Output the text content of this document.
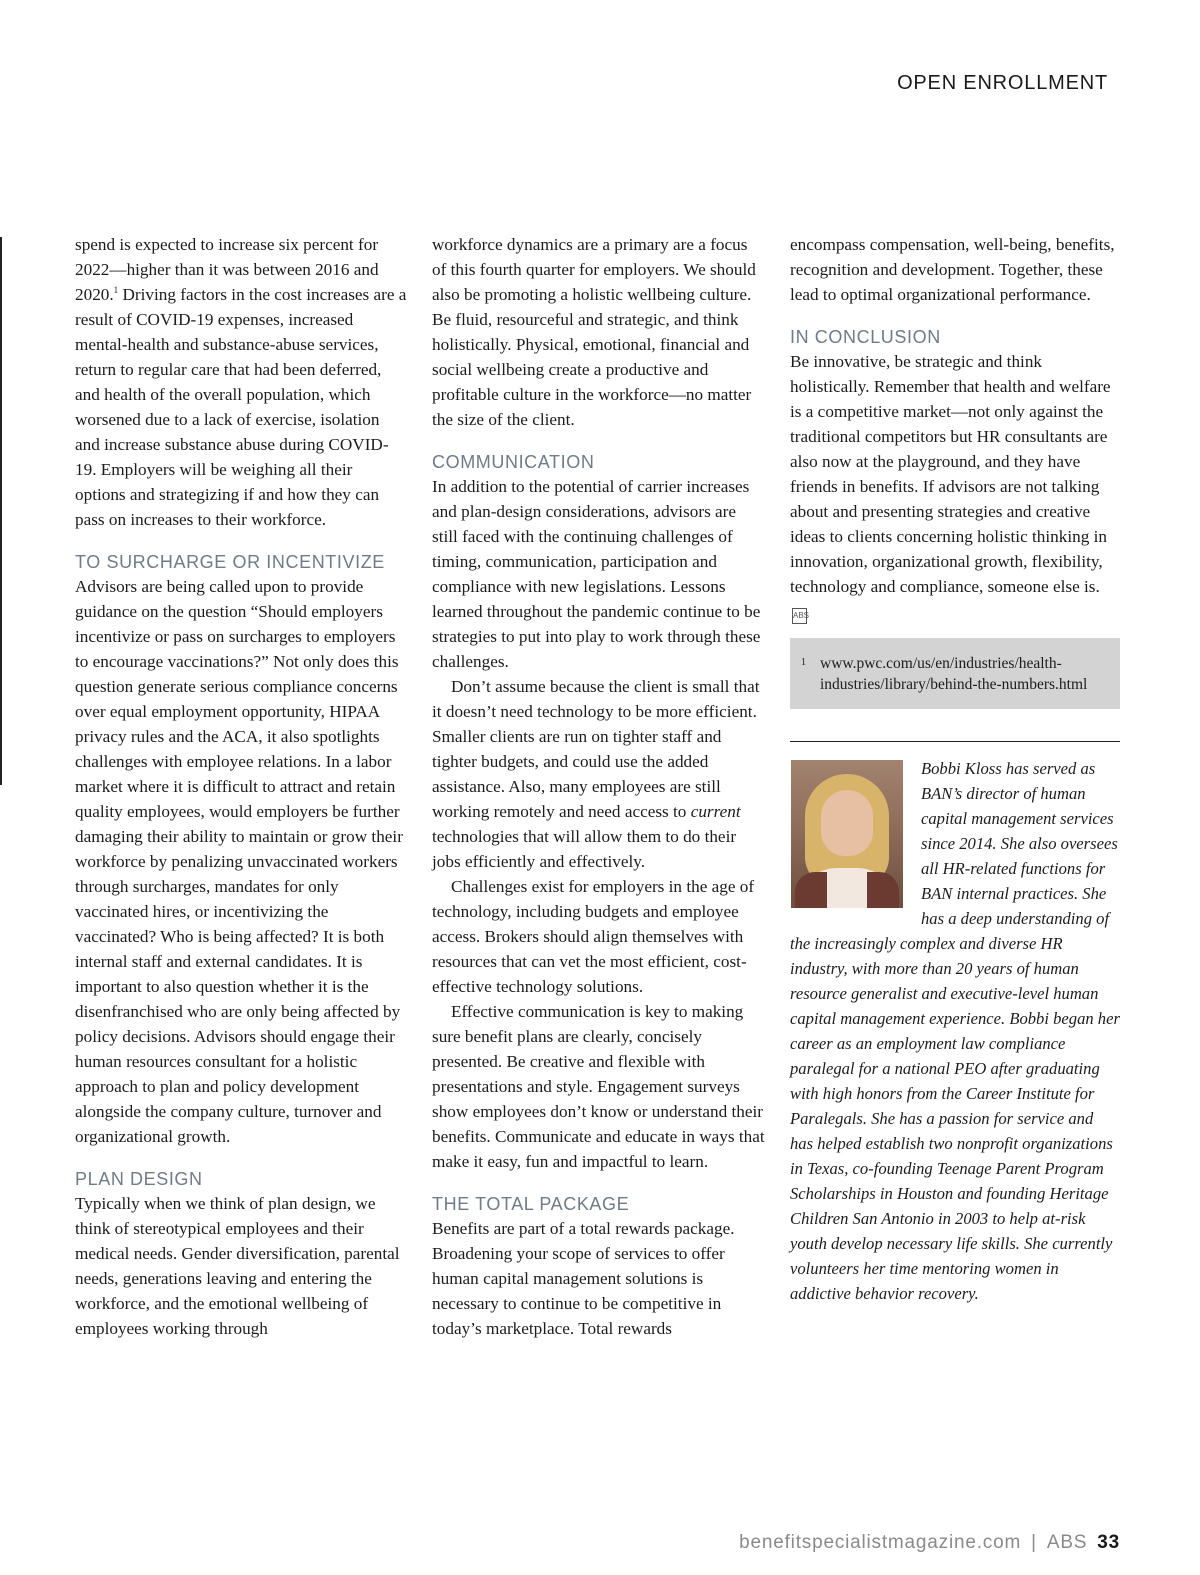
OPEN ENROLLMENT

spend is expected to increase six percent for 2022—higher than it was between 2016 and 2020.$^1$ Driving factors in the cost increases are a result of COVID-19 expenses, increased mental-health and substance-abuse services, return to regular care that had been deferred, and health of the overall population, which worsened due to a lack of exercise, isolation and increase substance abuse during COVID-19. Employers will be weighing all their options and strategizing if and how they can pass on increases to their workforce.

TO SURCHARGE OR INCENTIVIZE

Advisors are being called upon to provide guidance on the question “Should employers incentivize or pass on surcharges to employers to encourage vaccinations?” Not only does this question generate serious compliance concerns over equal employment opportunity, HIPAA privacy rules and the ACA, it also spotlights challenges with employee relations. In a labor market where it is difficult to attract and retain quality employees, would employers be further damaging their ability to maintain or grow their workforce by penalizing unvaccinated workers through surcharges, mandates for only vaccinated hires, or incentivizing the vaccinated? Who is being affected? It is both internal staff and external candidates. It is important to also question whether it is the disenfranchised who are only being affected by policy decisions. Advisors should engage their human resources consultant for a holistic approach to plan and policy development alongside the company culture, turnover and organizational growth.

PLAN DESIGN

Typically when we think of plan design, we think of stereotypical employees and their medical needs. Gender diversification, parental needs, generations leaving and entering the workforce, and the emotional wellbeing of employees working through

workforce dynamics are a primary are a focus of this fourth quarter for employers. We should also be promoting a holistic wellbeing culture. Be fluid, resourceful and strategic, and think holistically. Physical, emotional, financial and social wellbeing create a productive and profitable culture in the workforce—no matter the size of the client.

COMMUNICATION

In addition to the potential of carrier increases and plan-design considerations, advisors are still faced with the continuing challenges of timing, communication, participation and compliance with new legislations. Lessons learned throughout the pandemic continue to be strategies to put into play to work through these challenges.

Don’t assume because the client is small that it doesn’t need technology to be more efficient. Smaller clients are run on tighter staff and tighter budgets, and could use the added assistance. Also, many employees are still working remotely and need access to current technologies that will allow them to do their jobs efficiently and effectively.

Challenges exist for employers in the age of technology, including budgets and employee access. Brokers should align themselves with resources that can vet the most efficient, cost-effective technology solutions.

Effective communication is key to making sure benefit plans are clearly, concisely presented. Be creative and flexible with presentations and style. Engagement surveys show employees don’t know or understand their benefits. Communicate and educate in ways that make it easy, fun and impactful to learn.

THE TOTAL PACKAGE

Benefits are part of a total rewards package. Broadening your scope of services to offer human capital management solutions is necessary to continue to be competitive in today’s marketplace. Total rewards

encompass compensation, well-being, benefits, recognition and development. Together, these lead to optimal organizational performance.

IN CONCLUSION

Be innovative, be strategic and think holistically. Remember that health and welfare is a competitive market—not only against the traditional competitors but HR consultants are also now at the playground, and they have friends in benefits. If advisors are not talking about and presenting strategies and creative ideas to clients concerning holistic thinking in innovation, organizational growth, flexibility, technology and compliance, someone else is. ABS

1 www.pwc.com/us/en/industries/health-industries/library/behind-the-numbers.html
Bobbi Kloss has served as BAN’s director of human capital management services since 2014. She also oversees all HR-related functions for BAN internal practices. She has a deep understanding of the increasingly complex and diverse HR industry, with more than 20 years of human resource generalist and executive-level human capital management experience. Bobbi began her career as an employment law compliance paralegal for a national PEO after graduating with high honors from the Career Institute for Paralegals. She has a passion for service and has helped establish two nonprofit organizations in Texas, co-founding Teenage Parent Program Scholarships in Houston and founding Heritage Children San Antonio in 2003 to help at-risk youth develop necessary life skills. She currently volunteers her time mentoring women in addictive behavior recovery.
benefitspecialistmagazine.com | ABS 33
